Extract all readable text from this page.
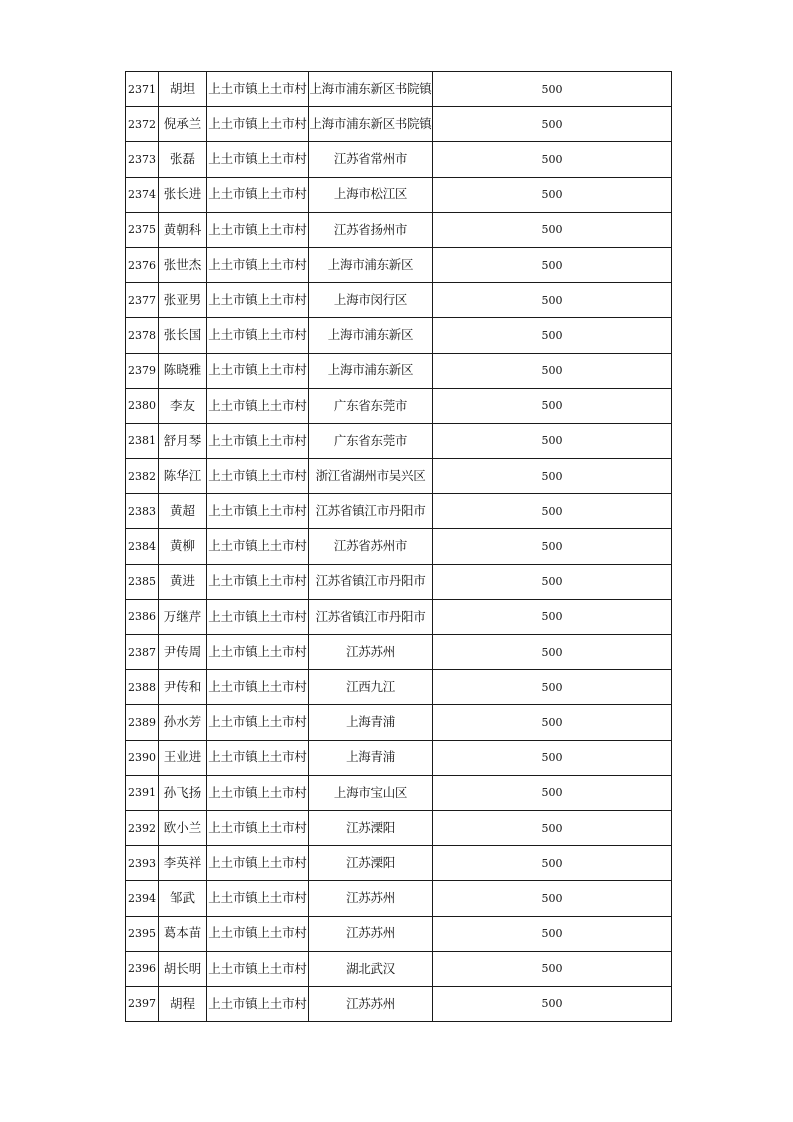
2371	胡坦	上土市镇上土市村	上海市浦东新区书院镇	500
2372	倪承兰	上土市镇上土市村	上海市浦东新区书院镇	500
2373	张磊	上土市镇上土市村	江苏省常州市	500
2374	张长进	上土市镇上土市村	上海市松江区	500
2375	黄朝科	上土市镇上土市村	江苏省扬州市	500
2376	张世杰	上土市镇上土市村	上海市浦东新区	500
2377	张亚男	上土市镇上土市村	上海市闵行区	500
2378	张长国	上土市镇上土市村	上海市浦东新区	500
2379	陈晓雅	上土市镇上土市村	上海市浦东新区	500
2380	李友	上土市镇上土市村	广东省东莞市	500
2381	舒月琴	上土市镇上土市村	广东省东莞市	500
2382	陈华江	上土市镇上土市村	浙江省湖州市吴兴区	500
2383	黄超	上土市镇上土市村	江苏省镇江市丹阳市	500
2384	黄柳	上土市镇上土市村	江苏省苏州市	500
2385	黄进	上土市镇上土市村	江苏省镇江市丹阳市	500
2386	万继芹	上土市镇上土市村	江苏省镇江市丹阳市	500
2387	尹传周	上土市镇上土市村	江苏苏州	500
2388	尹传和	上土市镇上土市村	江西九江	500
2389	孙水芳	上土市镇上土市村	上海青浦	500
2390	王业进	上土市镇上土市村	上海青浦	500
2391	孙飞扬	上土市镇上土市村	上海市宝山区	500
2392	欧小兰	上土市镇上土市村	江苏溧阳	500
2393	李英祥	上土市镇上土市村	江苏溧阳	500
2394	邹武	上土市镇上土市村	江苏苏州	500
2395	葛本苗	上土市镇上土市村	江苏苏州	500
2396	胡长明	上土市镇上土市村	湖北武汉	500
2397	胡程	上土市镇上土市村	江苏苏州	500
